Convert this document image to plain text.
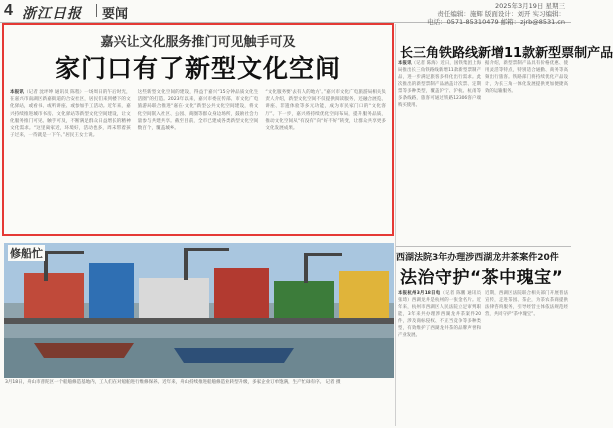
4 浙江日报 要闻
2025年3月19日 星期三
责任编辑：施辉 版面设计：刘开 实习编辑：
电话：0571-85310479 邮箱：zjrb@8531.cn
嘉兴让文化服务推门可见触手可及
家门口有了新型文化空间
本报讯（记者 沈坪坤 通讯员 陈程）一场周日的午后时光，在嘉兴市南湖区新嘉街道的合安社区，居民们来到楼下的文化驿站，或看书、或听讲座、或参加手工活动。近年来，嘉兴持续推进城市书房、文化驿站等新型文化空间建设，让文化服务推门可见、触手可及，不断满足群众日益增长的精神文化需求。“这里离家近，环境好，活动也多，周末带着孩子过来，一待就是一下午。”居民王女士说。
这些新型文化空间的建设，得益于嘉兴“15分钟品质文化生活圈”的打造。2023年以来，嘉兴市委宣传部、市文化广电旅游局联合推进“嘉在·文化”新型公共文化空间建设，将文化空间嵌入社区、公园、商圈等群众身边场所，鼓励社会力量参与共建共享。截至目前，全市已建成各类新型文化空间数百个，覆盖城乡。
“文化服务要‘去有人的地方’。”嘉兴市文化广电旅游局相关负责人介绍，新型文化空间不仅提供阅读服务，还融合展览、讲座、非遗体验等多元功能，成为市民家门口的“文化客厅”。下一步，嘉兴将持续优化空间布局，提升服务品质，推动文化空间从“有没有”向“好不好”转变，让群众共享更多文化发展成果。
修船忙
3月18日，舟山市普陀区一个船舶修造基地内，工人们在对船舶进行维修保养。近年来，舟山持续推进船舶修造业转型升级，多家企业订单饱满，生产忙碌有序。 记者 摄
长三角铁路线新增11款新型票制产品
本报讯（记者 陈海）近日，国铁集团上海局推出长三角铁路线新增11款新型票制产品，进一步满足旅客多样化出行需求。此次推出的新型票制产品涵盖计次票、定期票等多种类型，覆盖沪宁、沪杭、杭甬等多条线路，旅客可通过铁路12306客户端购买使用。
据介绍，新型票制产品具有价格优惠、使用灵活等特点，特别适合通勤、商务等高频出行旅客。铁路部门将持续优化产品设计，为长三角一体化发展提供更加便捷高效的运输服务。
西湖法院3年办理涉西湖龙井茶案件20件
法治守护“茶中瑰宝”
本报杭州3月18日电（记者 陈鹏 通讯员 张琦）西湖龙井是杭州的一张金名片。近年来，杭州市西湖区人民法院立足审判职能，3年来共办理涉西湖龙井茶案件20件，涉及商标侵权、不正当竞争等多种类型，有效维护了西湖龙井茶的品牌声誉和产业发展。
近期，西湖区法院联合相关部门开展普法宣传，走进茶园、茶企，为茶农茶商提供法律咨询服务，引导经营主体依法规范经营，共同守护“茶中瑰宝”。
